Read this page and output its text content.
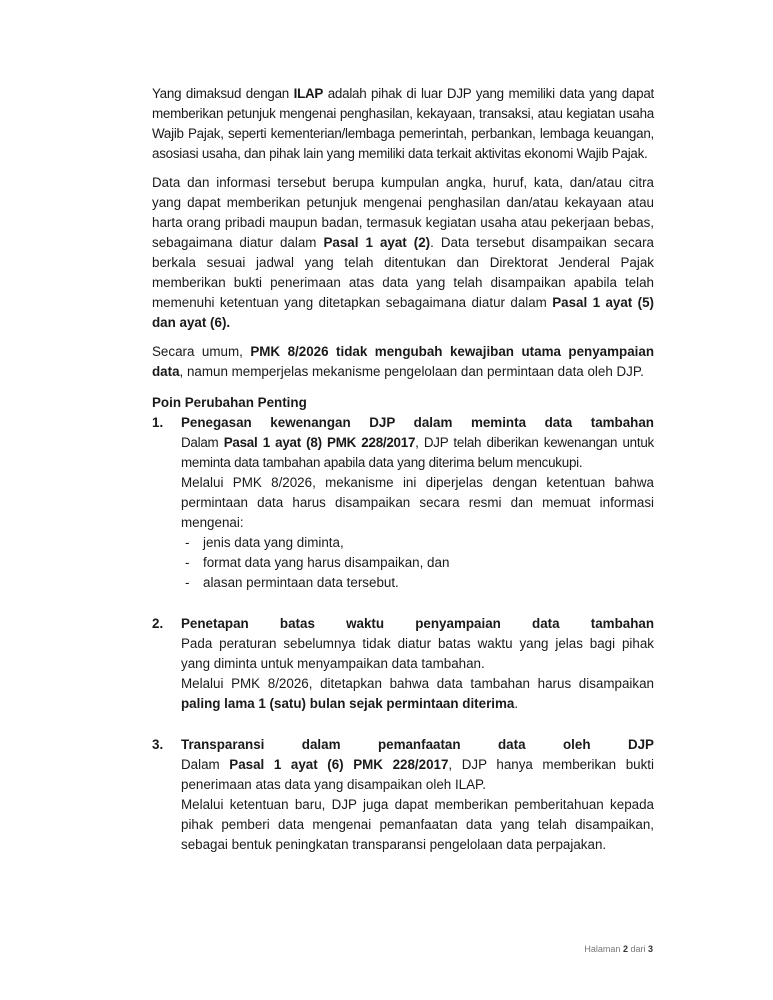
Yang dimaksud dengan ILAP adalah pihak di luar DJP yang memiliki data yang dapat memberikan petunjuk mengenai penghasilan, kekayaan, transaksi, atau kegiatan usaha Wajib Pajak, seperti kementerian/lembaga pemerintah, perbankan, lembaga keuangan, asosiasi usaha, dan pihak lain yang memiliki data terkait aktivitas ekonomi Wajib Pajak.

Data dan informasi tersebut berupa kumpulan angka, huruf, kata, dan/atau citra yang dapat memberikan petunjuk mengenai penghasilan dan/atau kekayaan atau harta orang pribadi maupun badan, termasuk kegiatan usaha atau pekerjaan bebas, sebagaimana diatur dalam Pasal 1 ayat (2). Data tersebut disampaikan secara berkala sesuai jadwal yang telah ditentukan dan Direktorat Jenderal Pajak memberikan bukti penerimaan atas data yang telah disampaikan apabila telah memenuhi ketentuan yang ditetapkan sebagaimana diatur dalam Pasal 1 ayat (5) dan ayat (6).

Secara umum, PMK 8/2026 tidak mengubah kewajiban utama penyampaian data, namun memperjelas mekanisme pengelolaan dan permintaan data oleh DJP.

Poin Perubahan Penting
1. Penegasan kewenangan DJP dalam meminta data tambahan

Dalam Pasal 1 ayat (8) PMK 228/2017, DJP telah diberikan kewenangan untuk meminta data tambahan apabila data yang diterima belum mencukupi.

Melalui PMK 8/2026, mekanisme ini diperjelas dengan ketentuan bahwa permintaan data harus disampaikan secara resmi dan memuat informasi mengenai:

- jenis data yang diminta,
- format data yang harus disampaikan, dan
- alasan permintaan data tersebut.
2. Penetapan batas waktu penyampaian data tambahan

Pada peraturan sebelumnya tidak diatur batas waktu yang jelas bagi pihak yang diminta untuk menyampaikan data tambahan.

Melalui PMK 8/2026, ditetapkan bahwa data tambahan harus disampaikan paling lama 1 (satu) bulan sejak permintaan diterima.

3. Transparansi dalam pemanfaatan data oleh DJP

Dalam Pasal 1 ayat (6) PMK 228/2017, DJP hanya memberikan bukti penerimaan atas data yang disampaikan oleh ILAP.

Melalui ketentuan baru, DJP juga dapat memberikan pemberitahuan kepada pihak pemberi data mengenai pemanfaatan data yang telah disampaikan, sebagai bentuk peningkatan transparansi pengelolaan data perpajakan.

Halaman 2 dari 3
